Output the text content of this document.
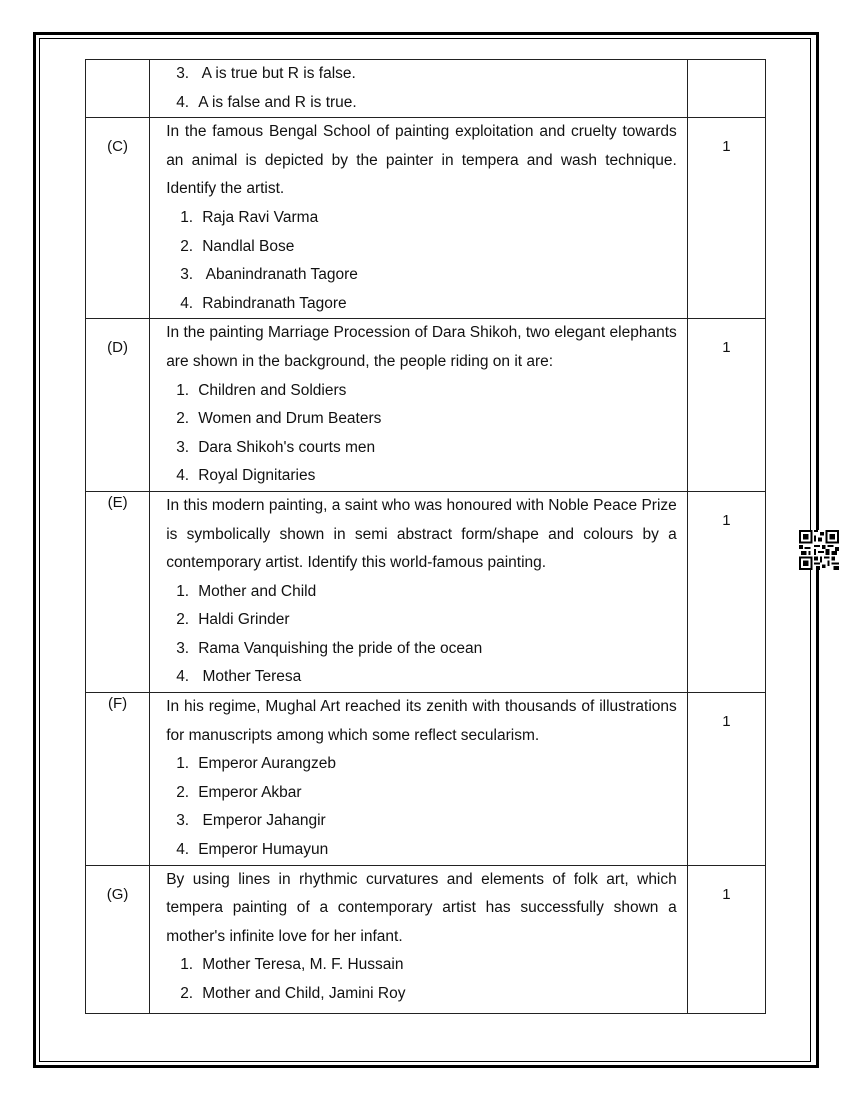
	3. A is true but R is false.

4. A is false and R is true.	

(C)	In the famous Bengal School of painting exploitation and cruelty towards an animal is depicted by the painter in tempera and wash technique. Identify the artist.

1. Raja Ravi Varma

2. Nandlal Bose

3. Abanindranath Tagore

4. Rabindranath Tagore	1

(D)	In the painting Marriage Procession of Dara Shikoh, two elegant elephants are shown in the background, the people riding on it are:

1. Children and Soldiers

2. Women and Drum Beaters

3. Dara Shikoh's courts men

4. Royal Dignitaries	1

(E)	In this modern painting, a saint who was honoured with Noble Peace Prize is symbolically shown in semi abstract form/shape and colours by a contemporary artist. Identify this world-famous painting.

1. Mother and Child

2. Haldi Grinder

3. Rama Vanquishing the pride of the ocean

4. Mother Teresa	1

(F)	In his regime, Mughal Art reached its zenith with thousands of illustrations for manuscripts among which some reflect secularism.

1. Emperor Aurangzeb

2. Emperor Akbar

3. Emperor Jahangir

4. Emperor Humayun	1

(G)	By using lines in rhythmic curvatures and elements of folk art, which tempera painting of a contemporary artist has successfully shown a mother's infinite love for her infant.

1. Mother Teresa, M. F. Hussain

2. Mother and Child, Jamini Roy	1
